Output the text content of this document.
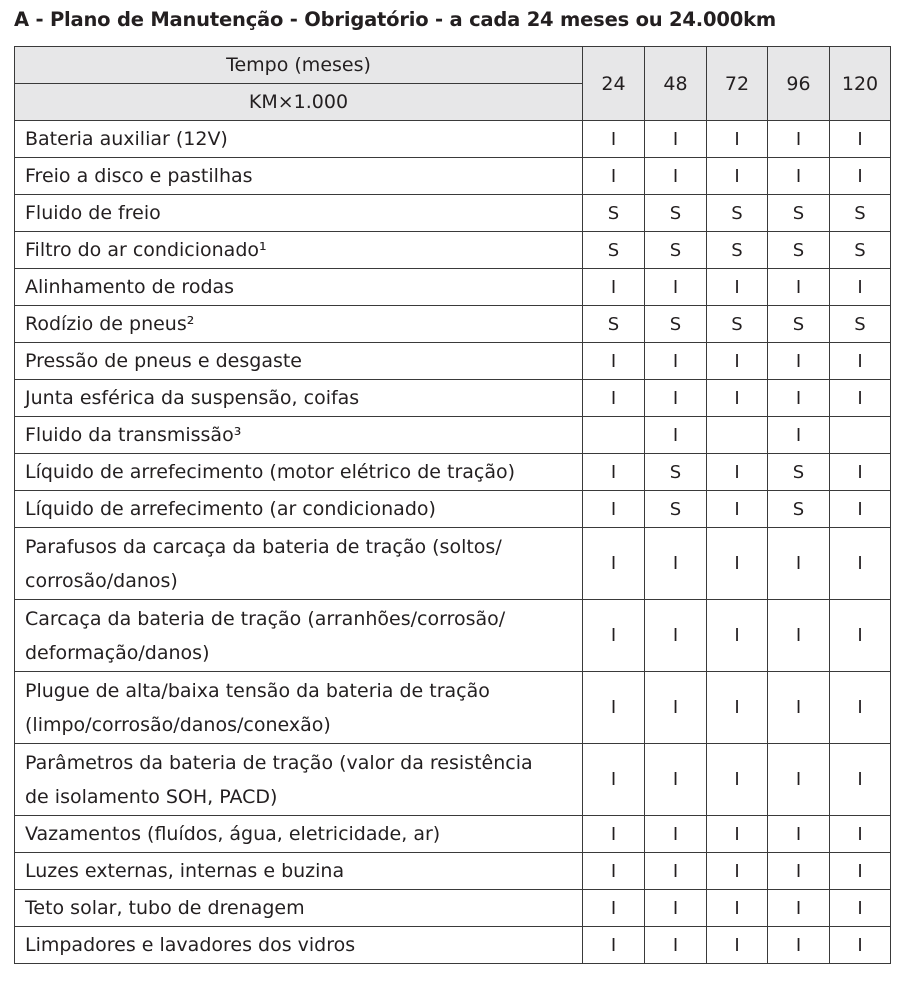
A - Plano de Manutenção - Obrigatório - a cada 24 meses ou 24.000km
Tempo (meses)	24	48	72	96	120
KM×1.000					

Bateria auxiliar (12V)	I	I	I	I	I

Freio a disco e pastilhas	I	I	I	I	I

Fluido de freio	S	S	S	S	S

Filtro do ar condicionado¹	S	S	S	S	S

Alinhamento de rodas	I	I	I	I	I

Rodízio de pneus²	S	S	S	S	S

Pressão de pneus e desgaste	I	I	I	I	I

Junta esférica da suspensão, coifas	I	I	I	I	I

Fluido da transmissão³		I		I	

Líquido de arrefecimento (motor elétrico de tração)	I	S	I	S	I

Líquido de arrefecimento (ar condicionado)	I	S	I	S	I

Parafusos da carcaça da bateria de tração (soltos/
corrosão/danos)	I	I	I	I	I

Carcaça da bateria de tração (arranhões/corrosão/
deformação/danos)	I	I	I	I	I

Plugue de alta/baixa tensão da bateria de tração
(limpo/corrosão/danos/conexão)	I	I	I	I	I

Parâmetros da bateria de tração (valor da resistência
de isolamento SOH, PACD)	I	I	I	I	I

Vazamentos (fluídos, água, eletricidade, ar)	I	I	I	I	I

Luzes externas, internas e buzina	I	I	I	I	I

Teto solar, tubo de drenagem	I	I	I	I	I

Limpadores e lavadores dos vidros	I	I	I	I	I
